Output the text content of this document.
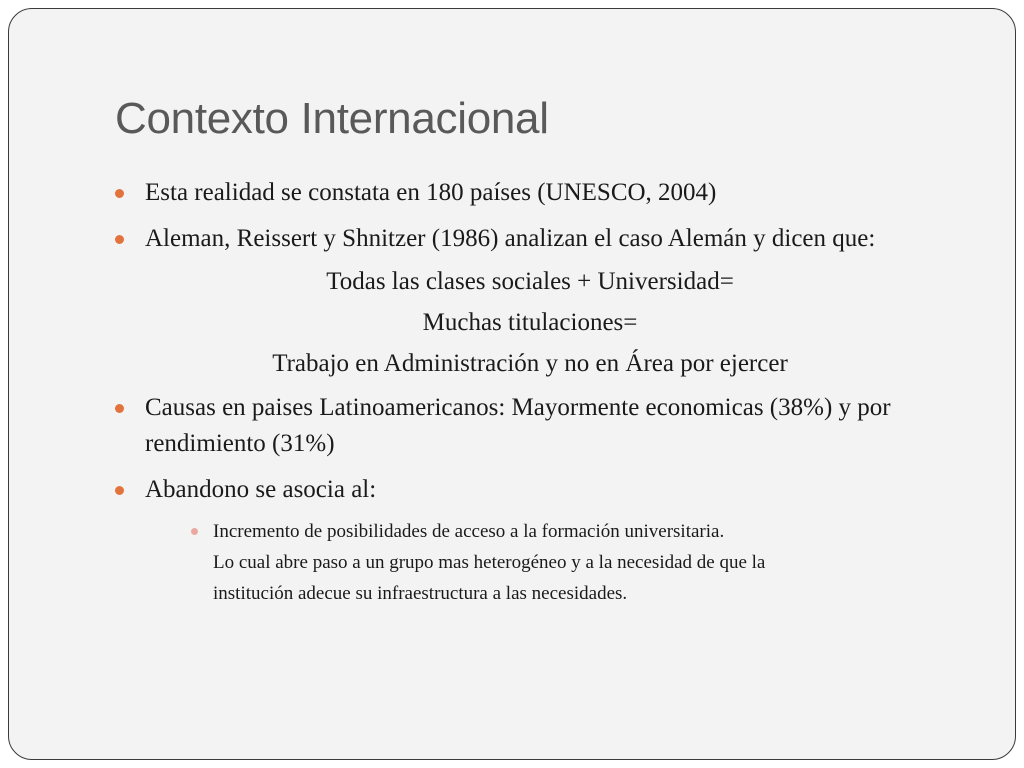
Contexto Internacional
Esta realidad se constata en 180 países (UNESCO, 2004)
Aleman, Reissert y Shnitzer (1986) analizan el caso Alemán y dicen que:
Todas las clases sociales + Universidad=
Muchas titulaciones=
Trabajo en Administración y no en Área por ejercer
Causas en paises Latinoamericanos: Mayormente economicas (38%) y por rendimiento (31%)
Abandono se asocia al:
Incremento de posibilidades de acceso a la formación universitaria.
Lo cual abre paso a un grupo mas heterogéneo y a la necesidad de que la
institución adecue su infraestructura a las necesidades.
